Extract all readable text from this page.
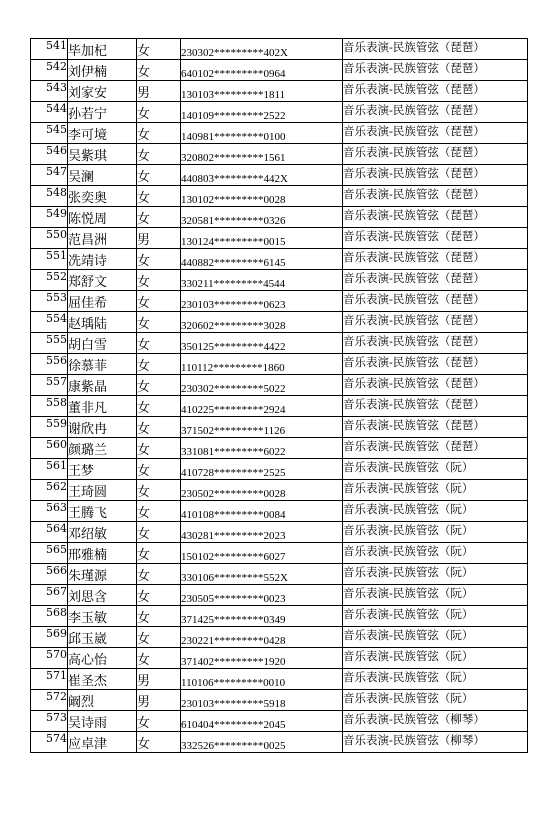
541	毕加杞	女	230302*********402X	音乐表演-民族管弦（琵琶）
542	刘伊楠	女	640102*********0964	音乐表演-民族管弦（琵琶）
543	刘家安	男	130103*********1811	音乐表演-民族管弦（琵琶）
544	孙若宁	女	140109*********2522	音乐表演-民族管弦（琵琶）
545	李可境	女	140981*********0100	音乐表演-民族管弦（琵琶）
546	吴紫琪	女	320802*********1561	音乐表演-民族管弦（琵琶）
547	吴澜	女	440803*********442X	音乐表演-民族管弦（琵琶）
548	张奕奥	女	130102*********0028	音乐表演-民族管弦（琵琶）
549	陈悦周	女	320581*********0326	音乐表演-民族管弦（琵琶）
550	范昌洲	男	130124*********0015	音乐表演-民族管弦（琵琶）
551	冼靖诗	女	440882*********6145	音乐表演-民族管弦（琵琶）
552	郑舒文	女	330211*********4544	音乐表演-民族管弦（琵琶）
553	屈佳希	女	230103*********0623	音乐表演-民族管弦（琵琶）
554	赵瑀陆	女	320602*********3028	音乐表演-民族管弦（琵琶）
555	胡白雪	女	350125*********4422	音乐表演-民族管弦（琵琶）
556	徐慕菲	女	110112*********1860	音乐表演-民族管弦（琵琶）
557	康紫晶	女	230302*********5022	音乐表演-民族管弦（琵琶）
558	董非凡	女	410225*********2924	音乐表演-民族管弦（琵琶）
559	谢欣冉	女	371502*********1126	音乐表演-民族管弦（琵琶）
560	颜璐兰	女	331081*********6022	音乐表演-民族管弦（琵琶）
561	王梦	女	410728*********2525	音乐表演-民族管弦（阮）
562	王琦圆	女	230502*********0028	音乐表演-民族管弦（阮）
563	王腾飞	女	410108*********0084	音乐表演-民族管弦（阮）
564	邓绍敏	女	430281*********2023	音乐表演-民族管弦（阮）
565	邢雅楠	女	150102*********6027	音乐表演-民族管弦（阮）
566	朱瑾源	女	330106*********552X	音乐表演-民族管弦（阮）
567	刘思含	女	230505*********0023	音乐表演-民族管弦（阮）
568	李玉敏	女	371425*********0349	音乐表演-民族管弦（阮）
569	邱玉崴	女	230221*********0428	音乐表演-民族管弦（阮）
570	高心怡	女	371402*********1920	音乐表演-民族管弦（阮）
571	崔圣杰	男	110106*********0010	音乐表演-民族管弦（阮）
572	阚烈	男	230103*********5918	音乐表演-民族管弦（阮）
573	吴诗雨	女	610404*********2045	音乐表演-民族管弦（柳琴）
574	应卓津	女	332526*********0025	音乐表演-民族管弦（柳琴）
